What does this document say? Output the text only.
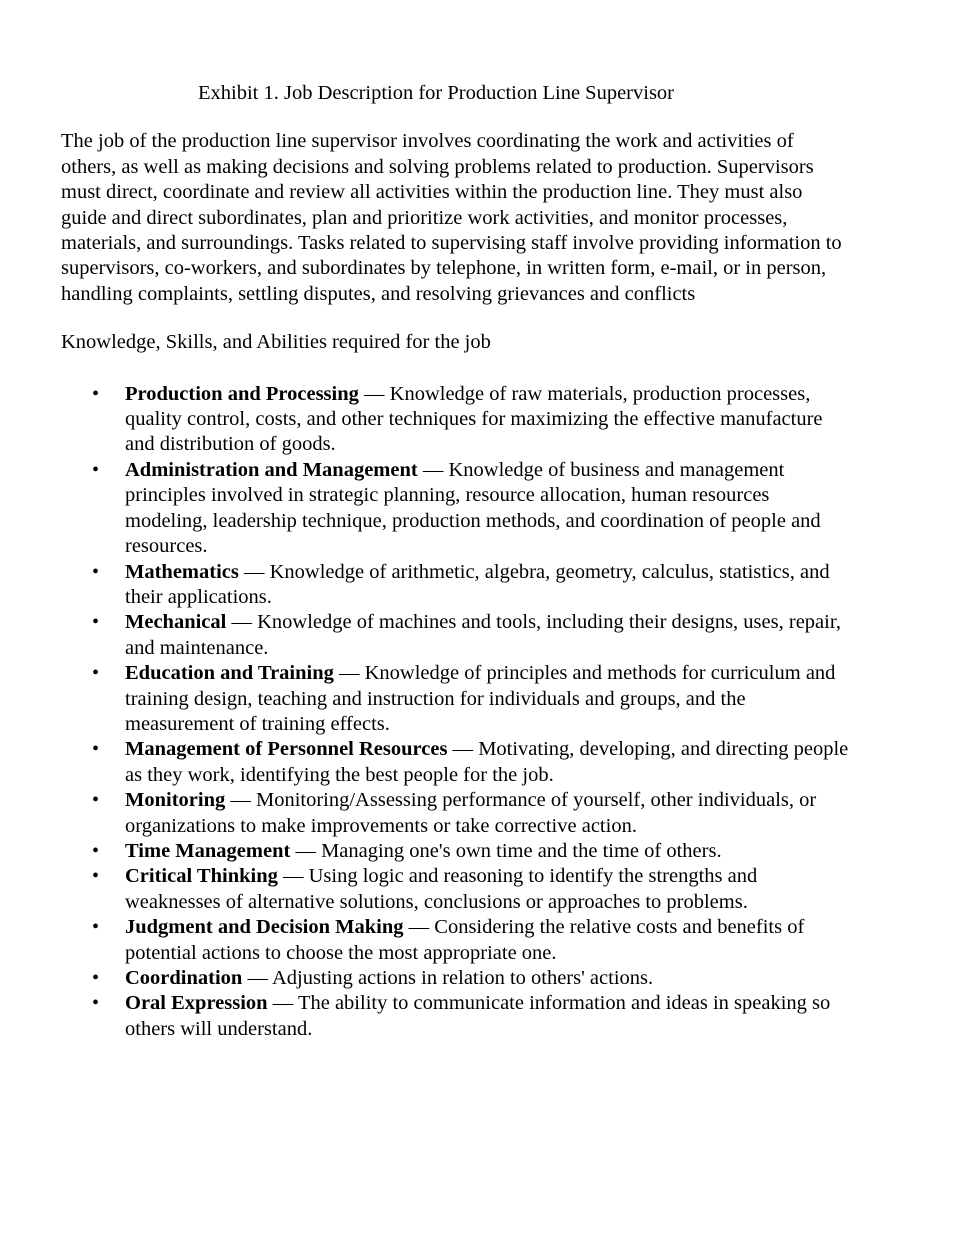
Exhibit 1. Job Description for Production Line Supervisor

The job of the production line supervisor involves coordinating the work and activities of others, as well as making decisions and solving problems related to production. Supervisors must direct, coordinate and review all activities within the production line. They must also guide and direct subordinates, plan and prioritize work activities, and monitor processes, materials, and surroundings. Tasks related to supervising staff involve providing information to supervisors, co-workers, and subordinates by telephone, in written form, e-mail, or in person, handling complaints, settling disputes, and resolving grievances and conflicts

Knowledge, Skills, and Abilities required for the job

• Production and Processing — Knowledge of raw materials, production processes, quality control, costs, and other techniques for maximizing the effective manufacture and distribution of goods.
• Administration and Management — Knowledge of business and management principles involved in strategic planning, resource allocation, human resources modeling, leadership technique, production methods, and coordination of people and resources.
• Mathematics — Knowledge of arithmetic, algebra, geometry, calculus, statistics, and their applications.
• Mechanical — Knowledge of machines and tools, including their designs, uses, repair, and maintenance.
• Education and Training — Knowledge of principles and methods for curriculum and training design, teaching and instruction for individuals and groups, and the measurement of training effects.
• Management of Personnel Resources — Motivating, developing, and directing people as they work, identifying the best people for the job.
• Monitoring — Monitoring/Assessing performance of yourself, other individuals, or organizations to make improvements or take corrective action.
• Time Management — Managing one's own time and the time of others.
• Critical Thinking — Using logic and reasoning to identify the strengths and weaknesses of alternative solutions, conclusions or approaches to problems.
• Judgment and Decision Making — Considering the relative costs and benefits of potential actions to choose the most appropriate one.
• Coordination — Adjusting actions in relation to others' actions.
• Oral Expression — The ability to communicate information and ideas in speaking so others will understand.
